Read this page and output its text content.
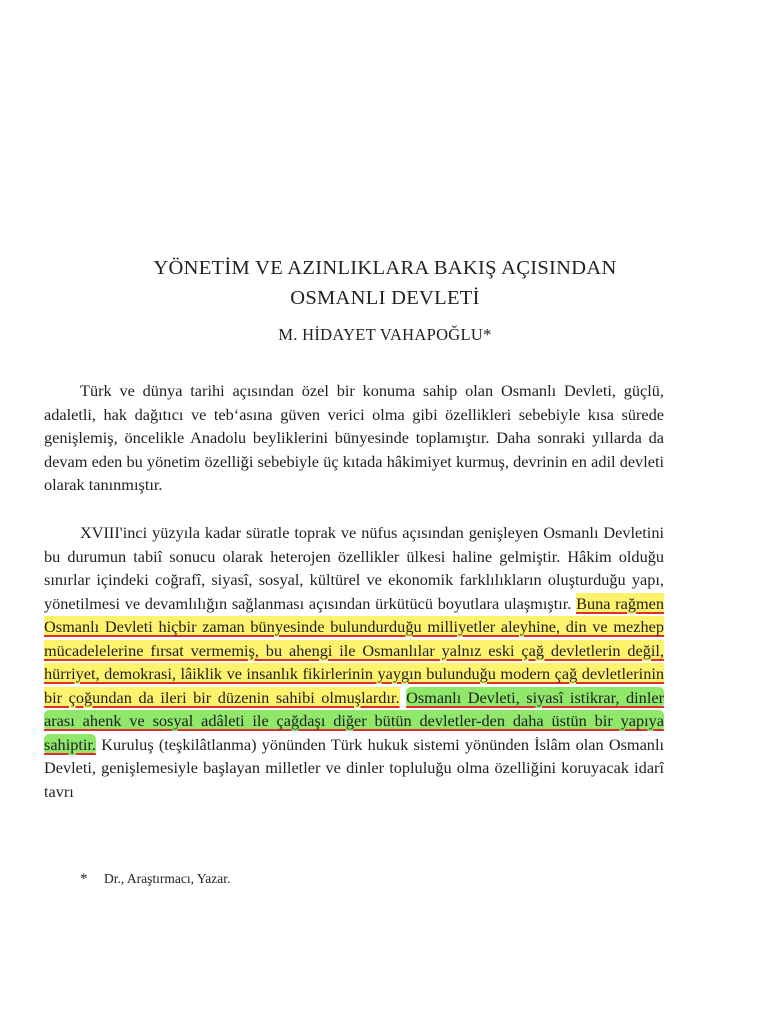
YÖNETİM VE AZINLIKLARA BAKIŞ AÇISINDAN
OSMANLI DEVLETİ
M. HİDAYET VAHAPOĞLU*

Türk ve dünya tarihi açısından özel bir konuma sahip olan Osmanlı Devleti, güçlü, adaletli, hak dağıtıcı ve teb‘asına güven verici olma gibi özellikleri sebebiyle kısa sürede genişlemiş, öncelikle Anadolu beyliklerini bünyesinde toplamıştır. Daha sonraki yıllarda da devam eden bu yönetim özelliği sebebiyle üç kıtada hâkimiyet kurmuş, devrinin en adil devleti olarak tanınmıştır.

XVIII'inci yüzyıla kadar süratle toprak ve nüfus açısından genişleyen Osmanlı Devletini bu durumun tabiî sonucu olarak heterojen özellikler ülkesi haline gelmiştir. Hâkim olduğu sınırlar içindeki coğrafî, siyasî, sosyal, kültürel ve ekonomik farklılıkların oluşturduğu yapı, yönetilmesi ve devamlılığın sağlanması açısından ürkütücü boyutlara ulaşmıştır. Buna rağmen Osmanlı Devleti hiçbir zaman bünyesinde bulundurduğu milliyetler aleyhine, din ve mezhep mücadelelerine fırsat vermemiş, bu ahengi ile Osmanlılar yalnız eski çağ devletlerin değil, hürriyet, demokrasi, lâiklik ve insanlık fikirlerinin yaygın bulunduğu modern çağ devletlerinin bir çoğundan da ileri bir düzenin sahibi olmuşlardır. Osmanlı Devleti, siyasî istikrar, dinler arası ahenk ve sosyal adâleti ile çağdaşı diğer bütün devletler-den daha üstün bir yapıya sahiptir. Kuruluş (teşkilâtlanma) yönünden Türk hukuk sistemi yönünden İslâm olan Osmanlı Devleti, genişlemesiyle başlayan milletler ve dinler topluluğu olma özelliğini koruyacak idarî tavrı

* Dr., Araştırmacı, Yazar.
